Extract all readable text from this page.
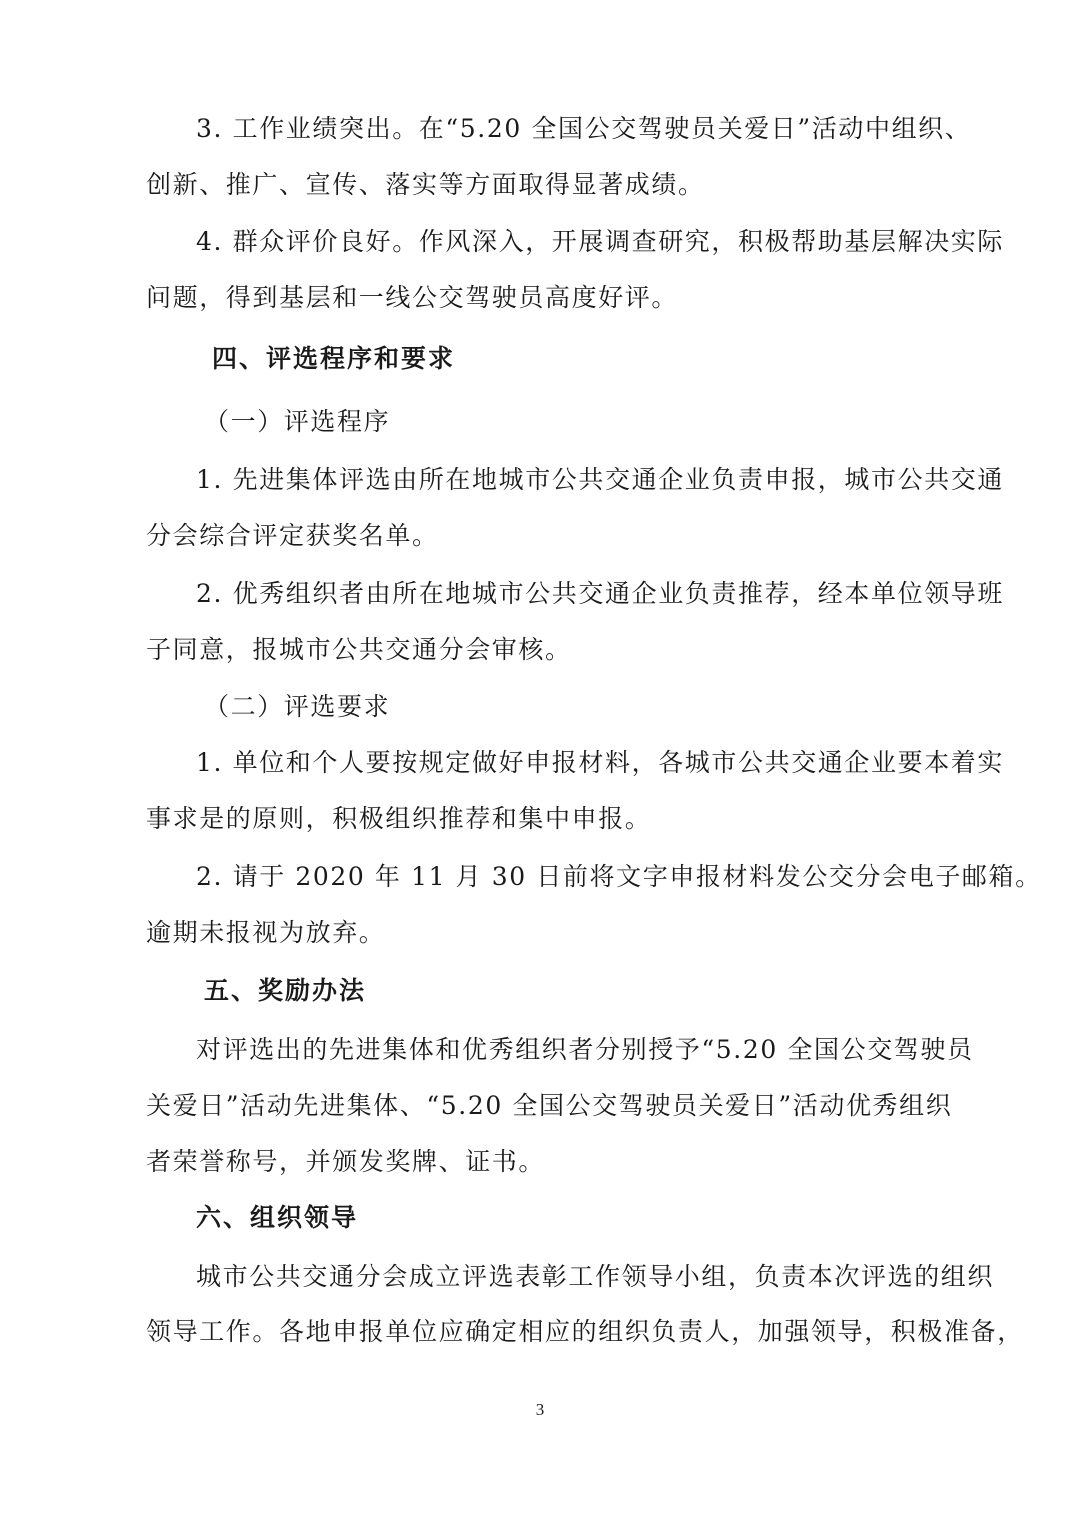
3. 工作业绩突出。在“5.20 全国公交驾驶员关爱日”活动中组织、
创新、推广、宣传、落实等方面取得显著成绩。
4. 群众评价良好。作风深入，开展调查研究，积极帮助基层解决实际
问题，得到基层和一线公交驾驶员高度好评。
四、评选程序和要求
（一）评选程序
1. 先进集体评选由所在地城市公共交通企业负责申报，城市公共交通
分会综合评定获奖名单。
2. 优秀组织者由所在地城市公共交通企业负责推荐，经本单位领导班
子同意，报城市公共交通分会审核。
（二）评选要求
1. 单位和个人要按规定做好申报材料，各城市公共交通企业要本着实
事求是的原则，积极组织推荐和集中申报。
2. 请于 2020 年 11 月 30 日前将文字申报材料发公交分会电子邮箱。
逾期未报视为放弃。
五、奖励办法
对评选出的先进集体和优秀组织者分别授予“5.20 全国公交驾驶员
关爱日”活动先进集体、“5.20 全国公交驾驶员关爱日”活动优秀组织
者荣誉称号，并颁发奖牌、证书。
六、组织领导
城市公共交通分会成立评选表彰工作领导小组，负责本次评选的组织
领导工作。各地申报单位应确定相应的组织负责人，加强领导，积极准备，
3
